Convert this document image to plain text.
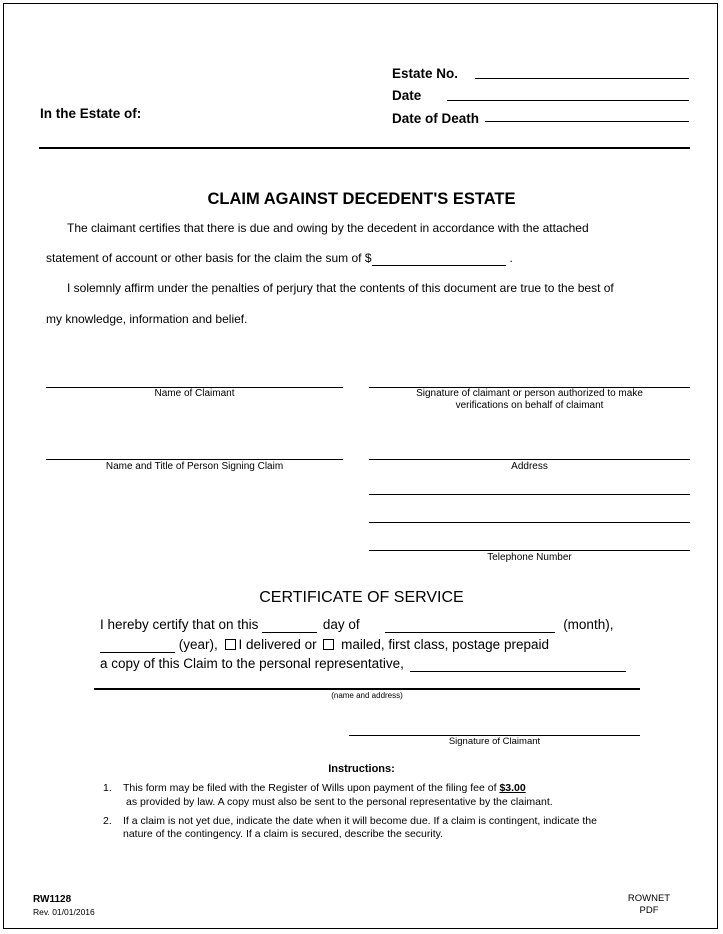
Estate No.
Date
Date of Death
In the Estate of:
CLAIM AGAINST DECEDENT'S ESTATE
The claimant certifies that there is due and owing by the decedent in accordance with the attached
statement of account or other basis for the claim the sum of $	.
I solemnly affirm under the penalties of perjury that the contents of this document are true to the best of
my knowledge, information and belief.
Name of Claimant	Signature of claimant or person authorized to make
verifications on behalf of claimant
Name and Title of Person Signing Claim	Address
Telephone Number
CERTIFICATE OF SERVICE
I hereby certify that on this	day of	(month),
(year), I delivered or mailed, first class, postage prepaid
a copy of this Claim to the personal representative,
(name and address)
Signature of Claimant
Instructions:
1. This form may be filed with the Register of Wills upon payment of the filing fee of $3.00
as provided by law. A copy must also be sent to the personal representative by the claimant.
2. If a claim is not yet due, indicate the date when it will become due. If a claim is contingent, indicate the
nature of the contingency. If a claim is secured, describe the security.
RW1128
Rev. 01/01/2016
ROWNET
PDF
